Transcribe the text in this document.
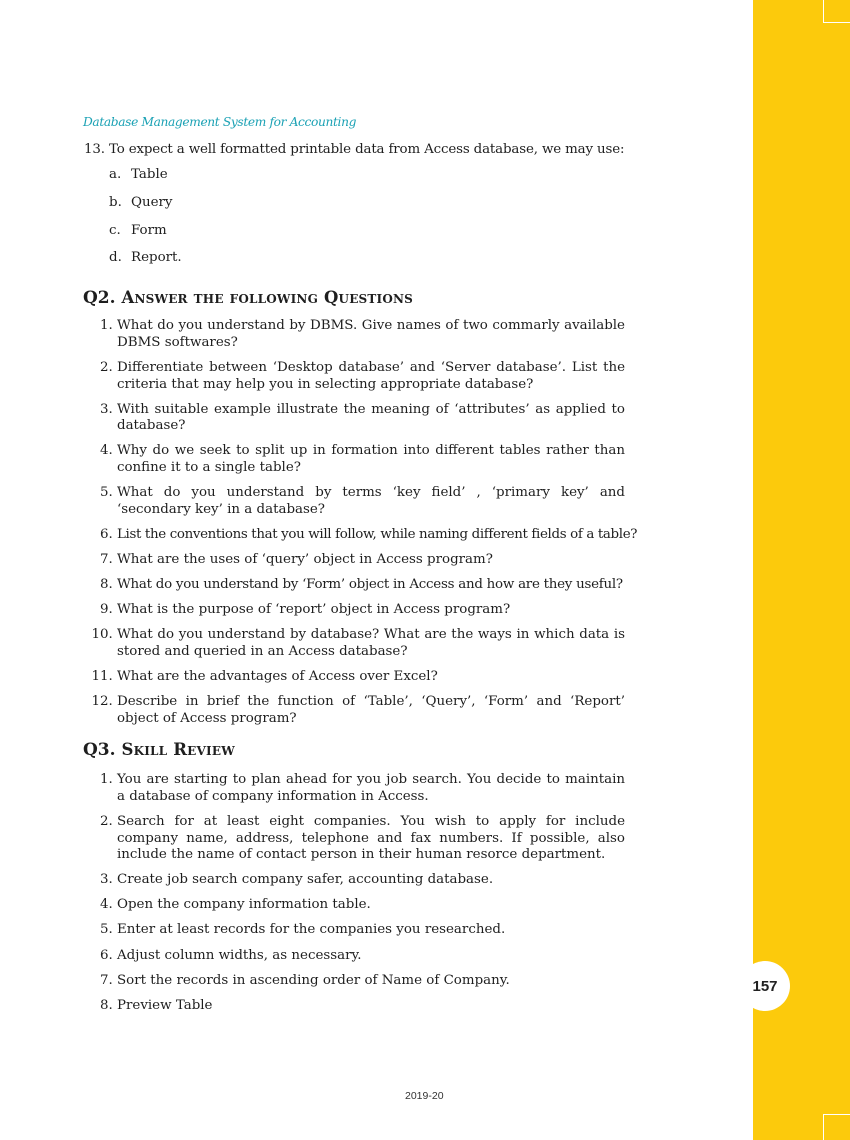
Database Management System for Accounting
13. To expect a well formatted printable data from Access database, we may use:
a. Table
b. Query
c. Form
d. Report.
Q2. Answer the following Questions
1. What do you understand by DBMS. Give names of two commarly available DBMS softwares?
2. Differentiate between ‘Desktop database’ and ‘Server database’. List the criteria that may help you in selecting appropriate database?
3. With suitable example illustrate the meaning of ‘attributes’ as applied to database?
4. Why do we seek to split up in formation into different tables rather than confine it to a single table?
5. What do you understand by terms ‘key field’ , ‘primary key’ and ‘secondary key’ in a database?
6. List the conventions that you will follow, while naming different fields of a table?
7. What are the uses of ‘query’ object in Access program?
8. What do you understand by ‘Form’ object in Access and how are they useful?
9. What is the purpose of ‘report’ object in Access program?
10. What do you understand by database? What are the ways in which data is stored and queried in an Access database?
11. What are the advantages of Access over Excel?
12. Describe in brief the function of ‘Table’, ‘Query’, ‘Form’ and ‘Report’ object of Access program?
Q3. Skill Review
1. You are starting to plan ahead for you job search. You decide to maintain a database of company information in Access.
2. Search for at least eight companies. You wish to apply for include company name, address, telephone and fax numbers. If possible, also include the name of contact person in their human resorce department.
3. Create job search company safer, accounting database.
4. Open the company information table.
5. Enter at least records for the companies you researched.
6. Adjust column widths, as necessary.
7. Sort the records in ascending order of Name of Company.
8. Preview Table
157
2019-20
